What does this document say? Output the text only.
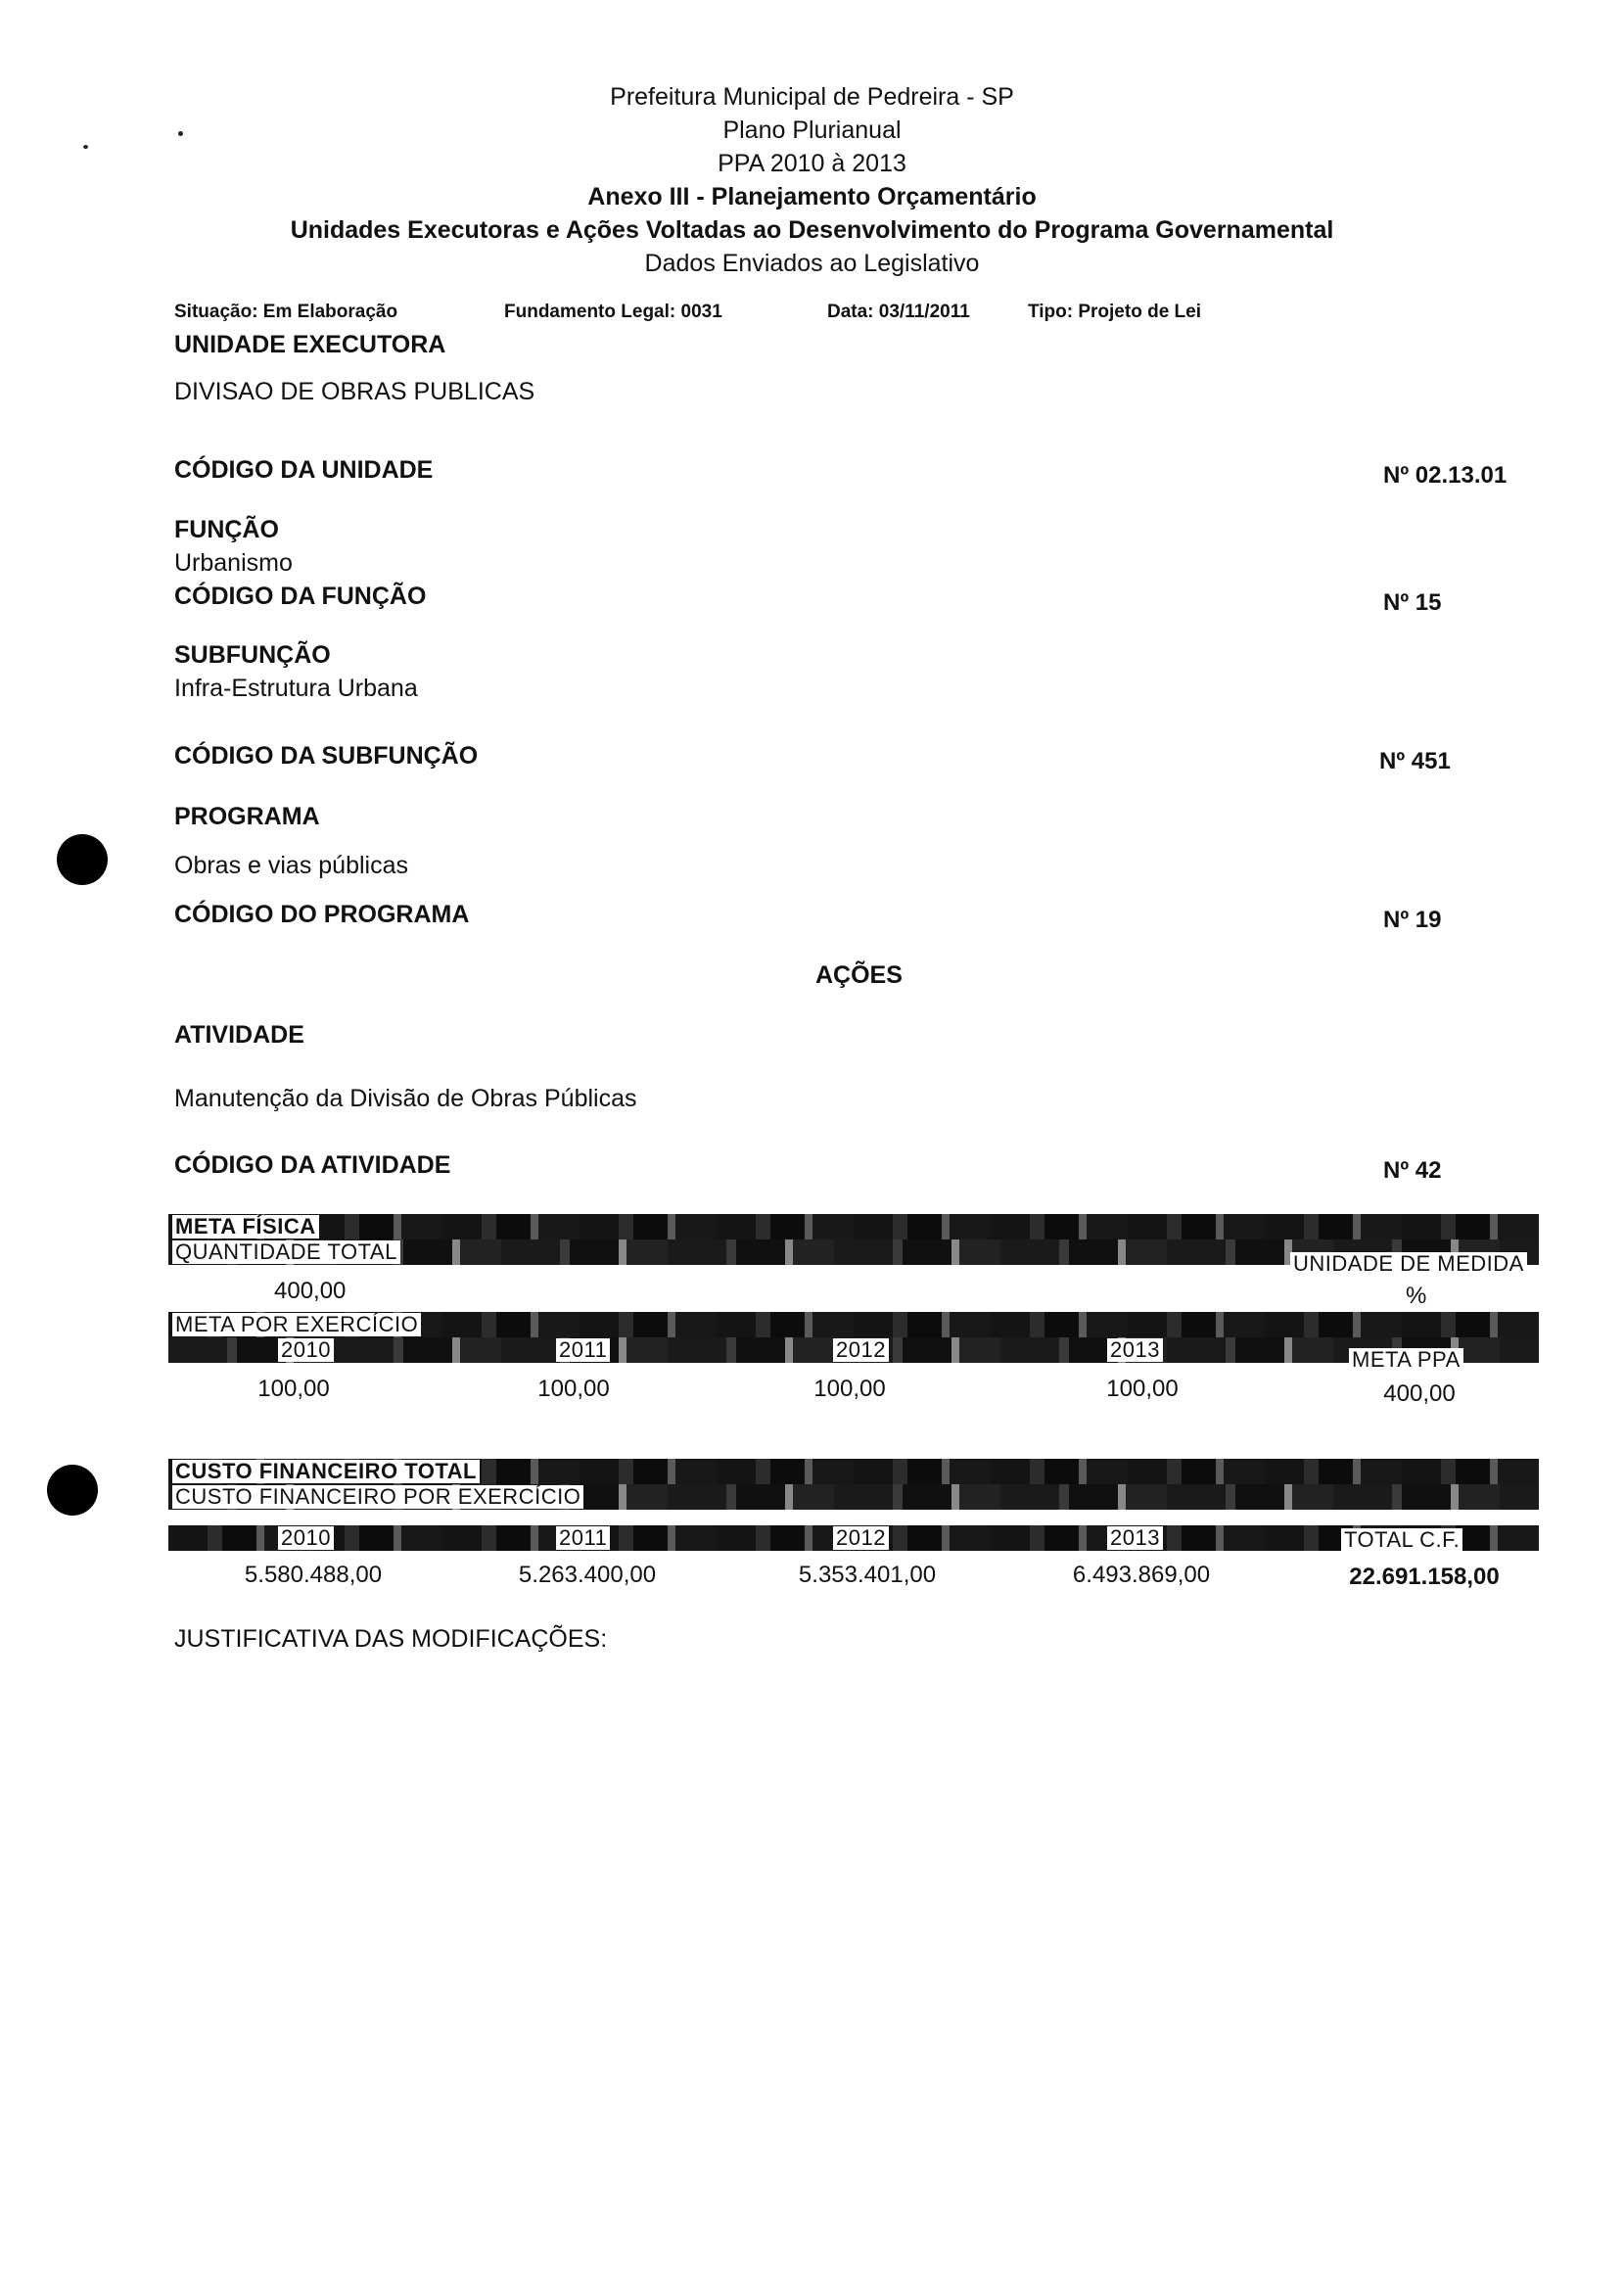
Prefeitura Municipal de Pedreira - SP
Plano Plurianual
PPA 2010 à 2013
Anexo III - Planejamento Orçamentário
Unidades Executoras e Ações Voltadas ao Desenvolvimento do Programa Governamental
Dados Enviados ao Legislativo
Situação: Em Elaboração	Fundamento Legal: 0031	Data: 03/11/2011	Tipo: Projeto de Lei
UNIDADE EXECUTORA
DIVISAO DE OBRAS PUBLICAS
CÓDIGO DA UNIDADE	Nº 02.13.01
FUNÇÃO
Urbanismo
CÓDIGO DA FUNÇÃO	Nº 15
SUBFUNÇÃO
Infra-Estrutura Urbana
CÓDIGO DA SUBFUNÇÃO	Nº 451
PROGRAMA
Obras e vias públicas
CÓDIGO DO PROGRAMA	Nº 19
AÇÕES
ATIVIDADE
Manutenção da Divisão de Obras Públicas
CÓDIGO DA ATIVIDADE	Nº 42
META FÍSICA
QUANTIDADE TOTAL	UNIDADE DE MEDIDA
400,00	%
META POR EXERCÍCIO
2010	2011	2012	2013	META PPA
100,00	100,00	100,00	100,00	400,00
CUSTO FINANCEIRO TOTAL
CUSTO FINANCEIRO POR EXERCÍCIO
2010	2011	2012	2013	TOTAL C.F.
5.580.488,00	5.263.400,00	5.353.401,00	6.493.869,00	22.691.158,00
JUSTIFICATIVA DAS MODIFICAÇÕES:
